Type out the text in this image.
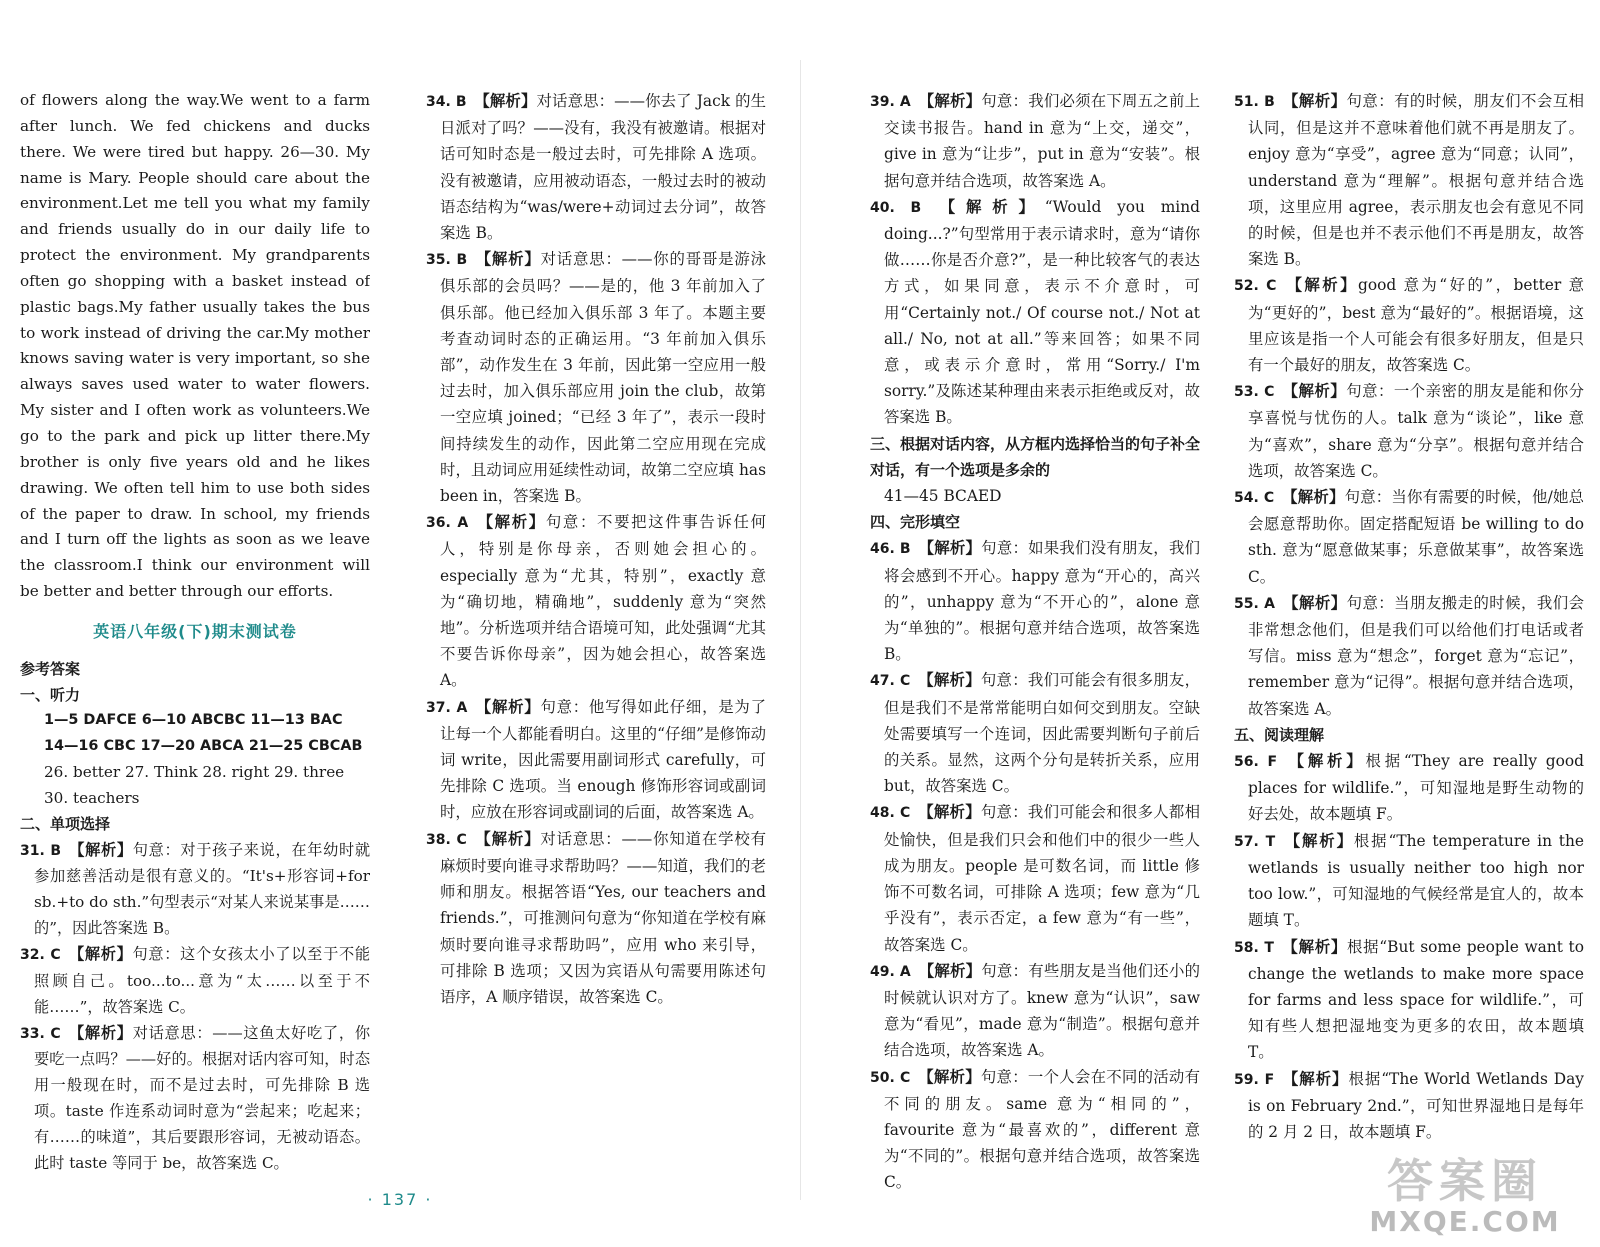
of flowers along the way.We went to a farm after lunch. We fed chickens and ducks there. We were tired but happy. 26—30. My name is Mary. People should care about the environment.Let me tell you what my family and friends usually do in our daily life to protect the environment. My grandparents often go shopping with a basket instead of plastic bags.My father usually takes the bus to work instead of driving the car.My mother knows saving water is very important, so she always saves used water to water flowers. My sister and I often work as volunteers.We go to the park and pick up litter there.My brother is only five years old and he likes drawing. We often tell him to use both sides of the paper to draw. In school, my friends and I turn off the lights as soon as we leave the classroom.I think our environment will be better and better through our efforts.

英语八年级(下)期末测试卷
参考答案
一、听力

1—5 DAFCE 6—10 ABCBC 11—13 BAC

14—16 CBC 17—20 ABCA 21—25 CBCAB

26. better 27. Think 28. right 29. three

30. teachers

二、单项选择

31. B  【解析】句意：对于孩子来说，在年幼时就参加慈善活动是很有意义的。“It's+形容词+for sb.+to do sth.”句型表示“对某人来说某事是……的”，因此答案选 B。

32. C  【解析】句意：这个女孩太小了以至于不能照顾自己。too...to...意为“太……以至于不能……”，故答案选 C。

33. C  【解析】对话意思：——这鱼太好吃了，你要吃一点吗？——好的。根据对话内容可知，时态用一般现在时，而不是过去时，可先排除 B 选项。taste 作连系动词时意为“尝起来；吃起来；有……的味道”，其后要跟形容词，无被动语态。此时 taste 等同于 be，故答案选 C。

34. B  【解析】对话意思：——你去了 Jack 的生日派对了吗？——没有，我没有被邀请。根据对话可知时态是一般过去时，可先排除 A 选项。没有被邀请，应用被动语态，一般过去时的被动语态结构为“was/were+动词过去分词”，故答案选 B。

35. B  【解析】对话意思：——你的哥哥是游泳俱乐部的会员吗？——是的，他 3 年前加入了俱乐部。他已经加入俱乐部 3 年了。本题主要考查动词时态的正确运用。“3 年前加入俱乐部”，动作发生在 3 年前，因此第一空应用一般过去时，加入俱乐部应用 join the club，故第一空应填 joined；“已经 3 年了”，表示一段时间持续发生的动作，因此第二空应用现在完成时，且动词应用延续性动词，故第二空应填 has been in，答案选 B。

36. A  【解析】句意：不要把这件事告诉任何人，特别是你母亲，否则她会担心的。especially 意为“尤其，特别”，exactly 意为“确切地，精确地”，suddenly 意为“突然地”。分析选项并结合语境可知，此处强调“尤其不要告诉你母亲”，因为她会担心，故答案选 A。

37. A  【解析】句意：他写得如此仔细，是为了让每一个人都能看明白。这里的“仔细”是修饰动词 write，因此需要用副词形式 carefully，可先排除 C 选项。当 enough 修饰形容词或副词时，应放在形容词或副词的后面，故答案选 A。

38. C  【解析】对话意思：——你知道在学校有麻烦时要向谁寻求帮助吗？——知道，我们的老师和朋友。根据答语“Yes, our teachers and friends.”，可推测问句意为“你知道在学校有麻烦时要向谁寻求帮助吗”，应用 who 来引导，可排除 B 选项；又因为宾语从句需要用陈述句语序，A 顺序错误，故答案选 C。

· 137 ·

39. A  【解析】句意：我们必须在下周五之前上交读书报告。hand in 意为“上交，递交”，give in 意为“让步”，put in 意为“安装”。根据句意并结合选项，故答案选 A。

40. B  【解析】“Would you mind doing...?”句型常用于表示请求时，意为“请你做……你是否介意?”，是一种比较客气的表达方式，如果同意，表示不介意时，可用“Certainly not./ Of course not./ Not at all./ No, not at all.”等来回答；如果不同意，或表示介意时，常用“Sorry./ I'm sorry.”及陈述某种理由来表示拒绝或反对，故答案选 B。

三、根据对话内容，从方框内选择恰当的句子补全对话，有一个选项是多余的

41—45 BCAED

四、完形填空

46. B  【解析】句意：如果我们没有朋友，我们将会感到不开心。happy 意为“开心的，高兴的”，unhappy 意为“不开心的”，alone 意为“单独的”。根据句意并结合选项，故答案选 B。

47. C  【解析】句意：我们可能会有很多朋友，但是我们不是常常能明白如何交到朋友。空缺处需要填写一个连词，因此需要判断句子前后的关系。显然，这两个分句是转折关系，应用 but，故答案选 C。

48. C  【解析】句意：我们可能会和很多人都相处愉快，但是我们只会和他们中的很少一些人成为朋友。people 是可数名词，而 little 修饰不可数名词，可排除 A 选项；few 意为“几乎没有”，表示否定，a few 意为“有一些”，故答案选 C。

49. A  【解析】句意：有些朋友是当他们还小的时候就认识对方了。knew 意为“认识”，saw 意为“看见”，made 意为“制造”。根据句意并结合选项，故答案选 A。

50. C  【解析】句意：一个人会在不同的活动有不同的朋友。same 意为“相同的”，favourite 意为“最喜欢的”，different 意为“不同的”。根据句意并结合选项，故答案选 C。

51. B  【解析】句意：有的时候，朋友们不会互相认同，但是这并不意味着他们就不再是朋友了。enjoy 意为“享受”，agree 意为“同意；认同”，understand 意为“理解”。根据句意并结合选项，这里应用 agree，表示朋友也会有意见不同的时候，但是也并不表示他们不再是朋友，故答案选 B。

52. C  【解析】good 意为“好的”，better 意为“更好的”，best 意为“最好的”。根据语境，这里应该是指一个人可能会有很多好朋友，但是只有一个最好的朋友，故答案选 C。

53. C  【解析】句意：一个亲密的朋友是能和你分享喜悦与忧伤的人。talk 意为“谈论”，like 意为“喜欢”，share 意为“分享”。根据句意并结合选项，故答案选 C。

54. C  【解析】句意：当你有需要的时候，他/她总会愿意帮助你。固定搭配短语 be willing to do sth. 意为“愿意做某事；乐意做某事”，故答案选 C。

55. A  【解析】句意：当朋友搬走的时候，我们会非常想念他们，但是我们可以给他们打电话或者写信。miss 意为“想念”，forget 意为“忘记”，remember 意为“记得”。根据句意并结合选项，故答案选 A。

五、阅读理解

56. F  【解析】根据“They are really good places for wildlife.”，可知湿地是野生动物的好去处，故本题填 F。

57. T  【解析】根据“The temperature in the wetlands is usually neither too high nor too low.”，可知湿地的气候经常是宜人的，故本题填 T。

58. T  【解析】根据“But some people want to change the wetlands to make more space for farms and less space for wildlife.”，可知有些人想把湿地变为更多的农田，故本题填 T。

59. F  【解析】根据“The World Wetlands Day is on February 2nd.”，可知世界湿地日是每年的 2 月 2 日，故本题填 F。

答案圈
MXQE.COM
